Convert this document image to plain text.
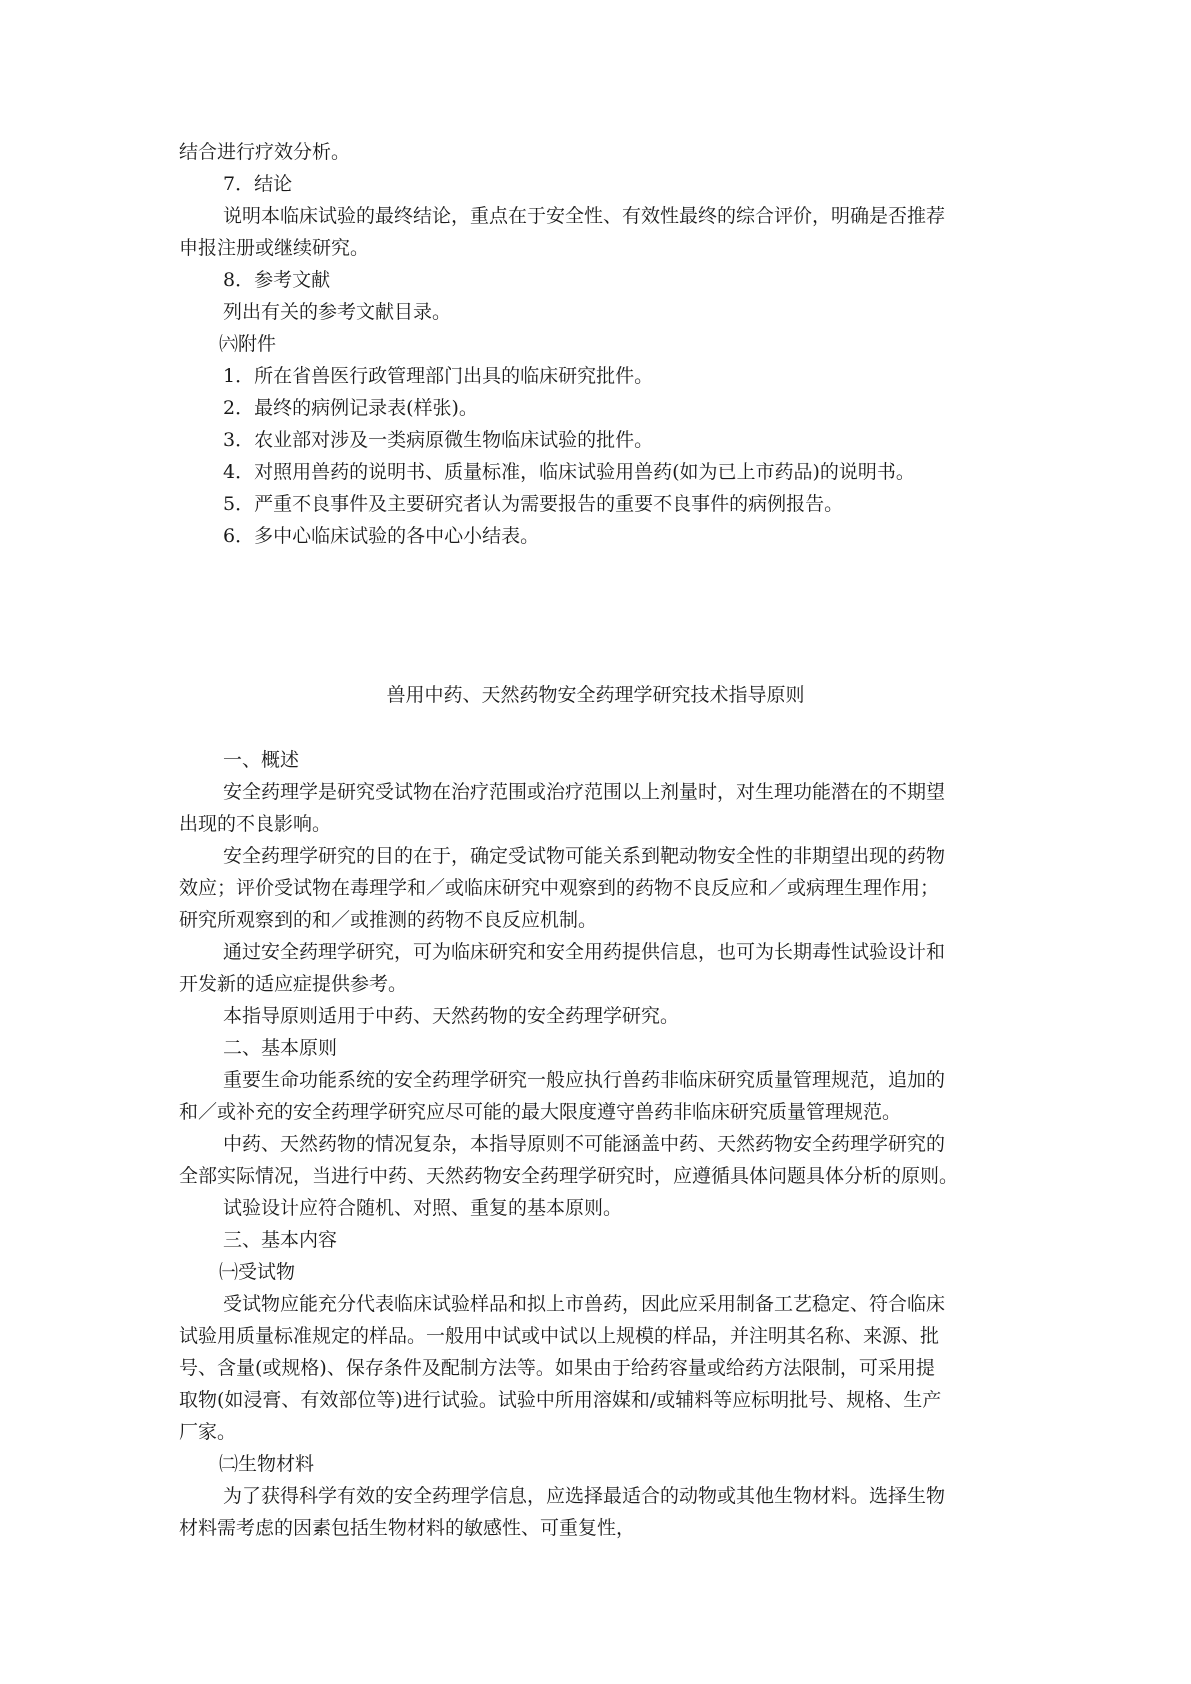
结合进行疗效分析。

7．结论

说明本临床试验的最终结论，重点在于安全性、有效性最终的综合评价，明确是否推荐

申报注册或继续研究。

8．参考文献

列出有关的参考文献目录。

㈥附件

1．所在省兽医行政管理部门出具的临床研究批件。

2．最终的病例记录表(样张)。

3．农业部对涉及一类病原微生物临床试验的批件。

4．对照用兽药的说明书、质量标准，临床试验用兽药(如为已上市药品)的说明书。

5．严重不良事件及主要研究者认为需要报告的重要不良事件的病例报告。

6．多中心临床试验的各中心小结表。

兽用中药、天然药物安全药理学研究技术指导原则

一、概述

安全药理学是研究受试物在治疗范围或治疗范围以上剂量时，对生理功能潜在的不期望

出现的不良影响。

安全药理学研究的目的在于，确定受试物可能关系到靶动物安全性的非期望出现的药物

效应；评价受试物在毒理学和／或临床研究中观察到的药物不良反应和／或病理生理作用；

研究所观察到的和／或推测的药物不良反应机制。

通过安全药理学研究，可为临床研究和安全用药提供信息，也可为长期毒性试验设计和

开发新的适应症提供参考。

本指导原则适用于中药、天然药物的安全药理学研究。

二、基本原则

重要生命功能系统的安全药理学研究一般应执行兽药非临床研究质量管理规范，追加的

和／或补充的安全药理学研究应尽可能的最大限度遵守兽药非临床研究质量管理规范。

中药、天然药物的情况复杂，本指导原则不可能涵盖中药、天然药物安全药理学研究的

全部实际情况，当进行中药、天然药物安全药理学研究时，应遵循具体问题具体分析的原则。

试验设计应符合随机、对照、重复的基本原则。

三、基本内容

㈠受试物

受试物应能充分代表临床试验样品和拟上市兽药，因此应采用制备工艺稳定、符合临床

试验用质量标准规定的样品。一般用中试或中试以上规模的样品，并注明其名称、来源、批

号、含量(或规格)、保存条件及配制方法等。如果由于给药容量或给药方法限制，可采用提

取物(如浸膏、有效部位等)进行试验。试验中所用溶媒和/或辅料等应标明批号、规格、生产

厂家。

㈡生物材料

为了获得科学有效的安全药理学信息，应选择最适合的动物或其他生物材料。选择生物

材料需考虑的因素包括生物材料的敏感性、可重复性，
